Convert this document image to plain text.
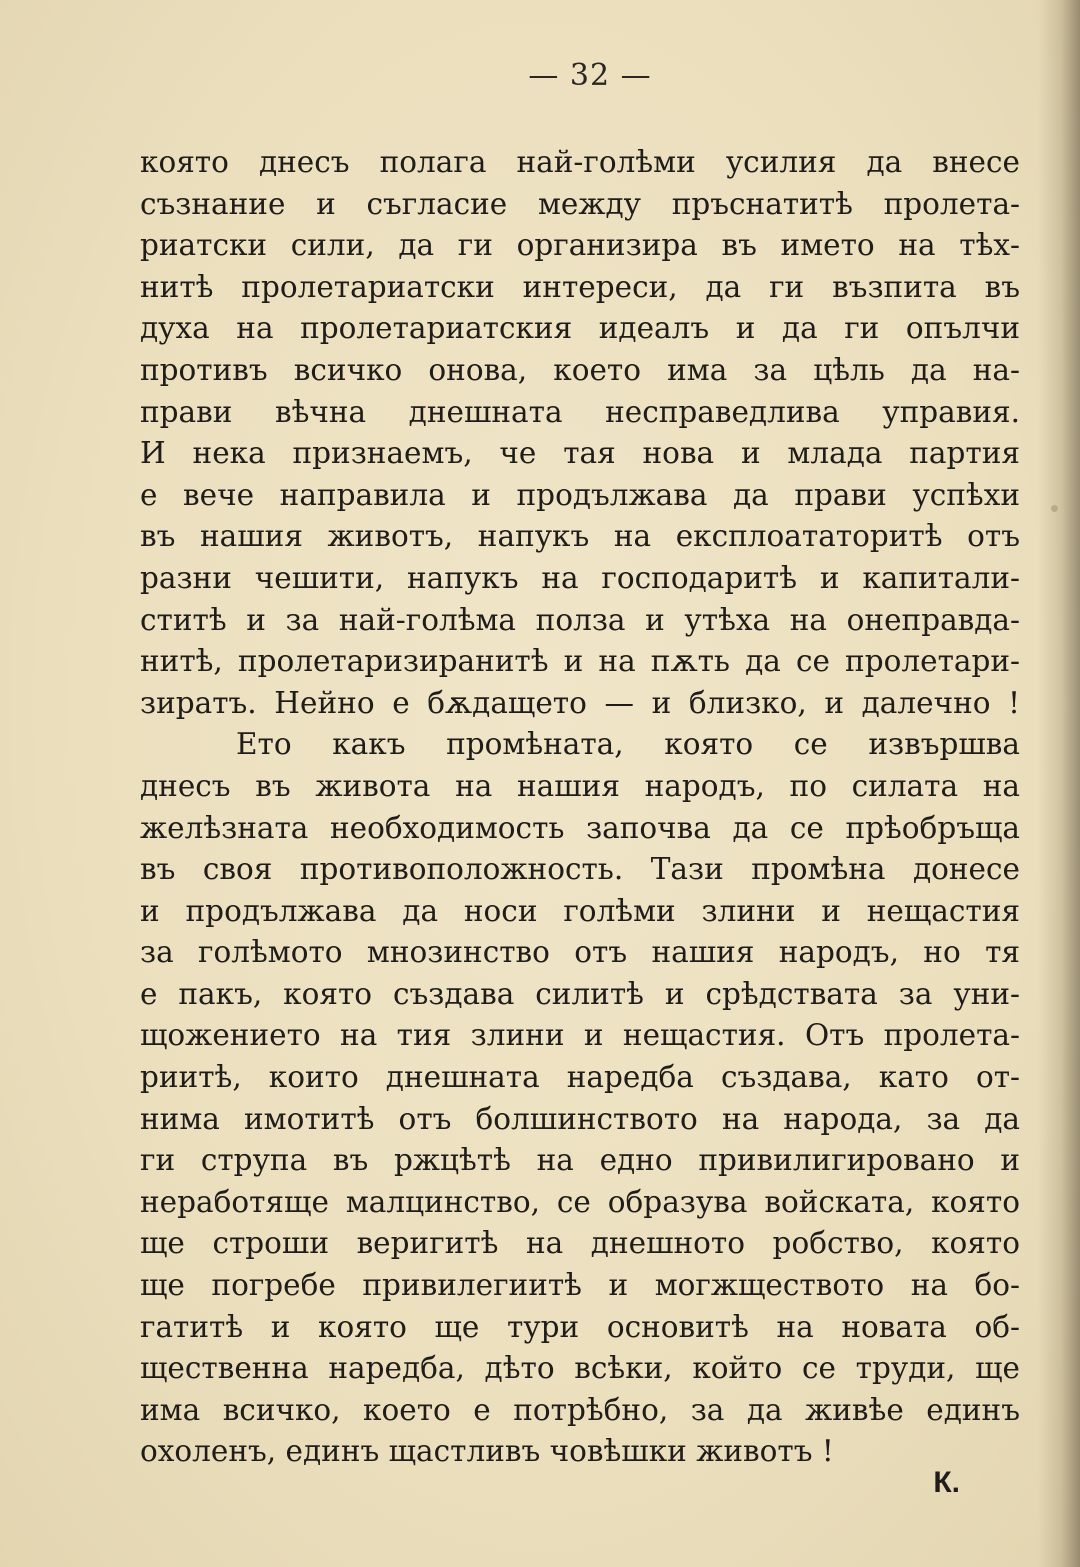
— 32 —
която днесъ полага най-голѣми усилия да внесе
съзнание и съгласие между пръснатитѣ пролета-
риатски сили, да ги организира въ името на тѣх-
нитѣ пролетариатски интереси, да ги възпита въ
духа на пролетариатския идеалъ и да ги опълчи
противъ всичко онова, което има за цѣль да на-
прави вѣчна днешната несправедлива управия.
И нека признаемъ, че тая нова и млада партия
е вече направила и продължава да прави успѣхи
въ нашия животъ, напукъ на експлоататоритѣ отъ
разни чешити, напукъ на господаритѣ и капитали-
ститѣ и за най-голѣма полза и утѣха на онеправда-
нитѣ, пролетаризиранитѣ и на пѫть да се пролетари-
зиратъ. Нейно е бѫдащето — и близко, и далечно !
Ето какъ промѣната, която се извършва
днесъ въ живота на нашия народъ, по силата на
желѣзната необходимость започва да се прѣобръща
въ своя противоположность. Тази промѣна донесе
и продължава да носи голѣми злини и нещастия
за голѣмото мнозинство отъ нашия народъ, но тя
е пакъ, която създава силитѣ и срѣдствата за уни-
щожението на тия злини и нещастия. Отъ пролета-
риитѣ, които днешната наредба създава, като от-
нима имотитѣ отъ болшинството на народа, за да
ги струпа въ ржцѣтѣ на едно привилигировано и
неработяще малцинство, се образува войската, която
ще строши веригитѣ на днешното робство, която
ще погребе привилегиитѣ и могжществото на бо-
гатитѣ и която ще тури основитѣ на новата об-
щественна наредба, дѣто всѣки, който се труди, ще
има всичко, което е потрѣбно, за да живѣе единъ
охоленъ, единъ щастливъ човѣшки животъ !
К.
